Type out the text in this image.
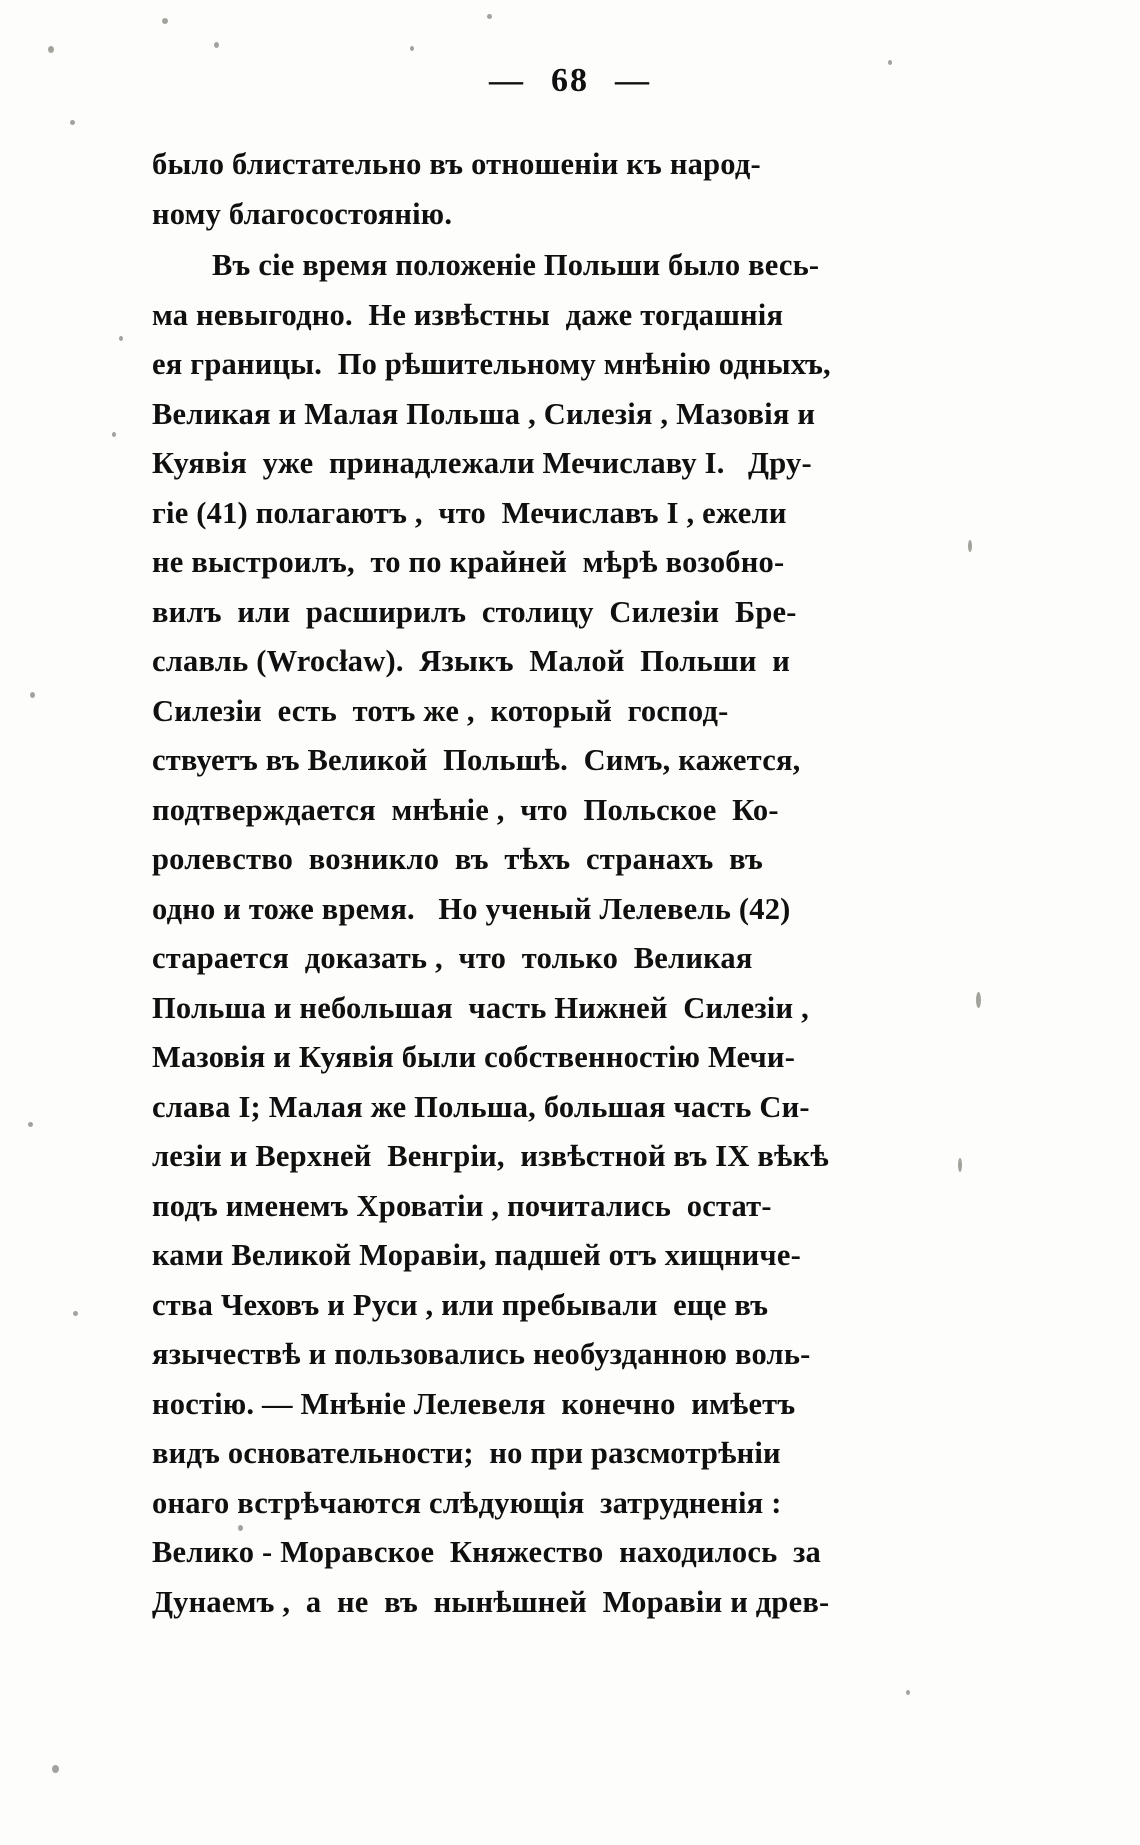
— 68 —
было блистательно въ отношеніи къ народ-
ному благосостоянію.
Въ сіе время положеніе Польши было весь-
ма невыгодно.  Не извѣстны  даже тогдашнія
ея границы.  По рѣшительному мнѣнію одныхъ,
Великая и Малая Польша , Силезія , Мазовія и
Куявія  уже  принадлежали Мечиславу I.   Дру-
гіе (41) полагаютъ ,  что  Мечиславъ I , ежели
не выстроилъ,  то по крайней  мѣрѣ возобно-
вилъ  или  расширилъ  столицу  Силезіи  Бре-
славль (Wrocław).  Языкъ  Малой  Польши  и
Силезіи  есть  тотъ же ,  который  господ-
ствуетъ въ Великой  Польшѣ.  Симъ, кажется,
подтверждается  мнѣніе ,  что  Польское  Ко-
ролевство  возникло  въ  тѣхъ  странахъ  въ
одно и тоже время.   Но ученый Лелевель (42)
старается  доказать ,  что  только  Великая
Польша и небольшая  часть Нижней  Силезіи ,
Мазовія и Куявія были собственностію Мечи-
слава I; Малая же Польша, большая часть Си-
лезіи и Верхней  Венгріи,  извѣстной въ IX вѣкѣ
подъ именемъ Хроватіи , почитались  остат-
ками Великой Моравіи, падшей отъ хищниче-
ства Чеховъ и Руси , или пребывали  еще въ
язычествѣ и пользовались необузданною воль-
ностію. — Мнѣніе Лелевеля  конечно  имѣетъ
видъ основательности;  но при разсмотрѣніи
онаго встрѣчаются слѣдующія  затрудненія :
Велико - Моравское  Княжество  находилось  за
Дунаемъ ,  а  не  въ  нынѣшней  Моравіи и древ-
